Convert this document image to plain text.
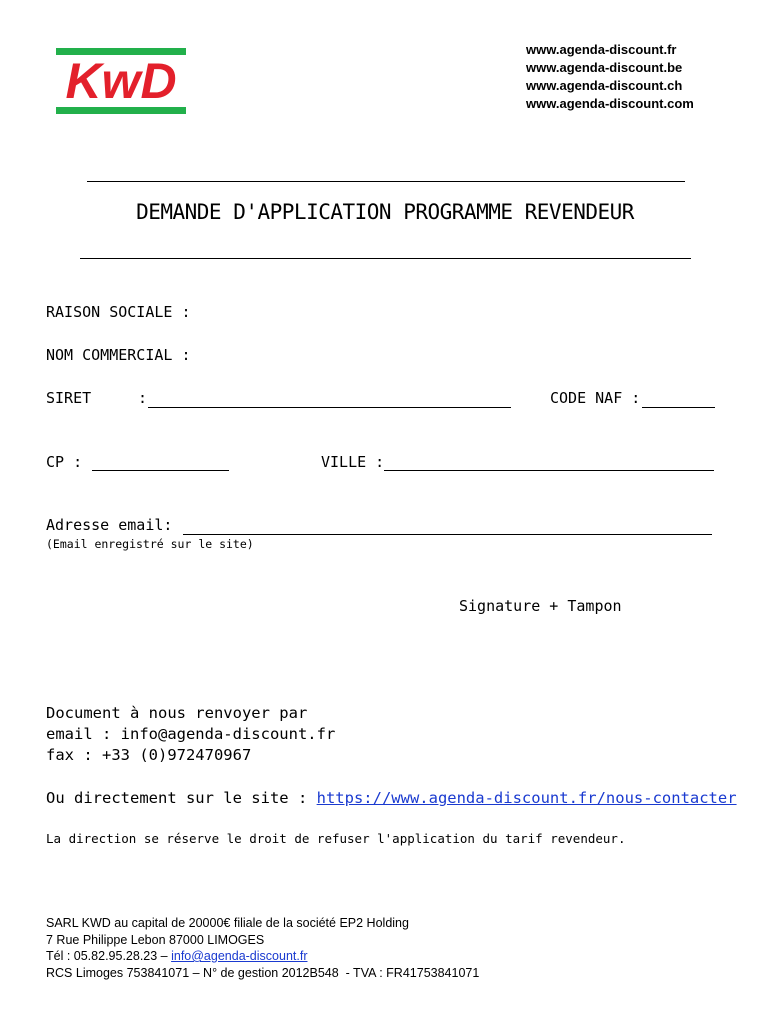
KwD
www.agenda-discount.fr
www.agenda-discount.be
www.agenda-discount.ch
www.agenda-discount.com
DEMANDE D'APPLICATION PROGRAMME REVENDEUR
RAISON SOCIALE :
NOM COMMERCIAL :
SIRET	:	CODE NAF :
CP :	VILLE :
Adresse email:
(Email enregistré sur le site)
Signature + Tampon
Document à nous renvoyer par
email : info@agenda-discount.fr
fax : +33 (0)972470967
Ou directement sur le site : https://www.agenda-discount.fr/nous-contacter
La direction se réserve le droit de refuser l'application du tarif revendeur.
SARL KWD au capital de 20000€ filiale de la société EP2 Holding
7 Rue Philippe Lebon 87000 LIMOGES
Tél : 05.82.95.28.23 – info@agenda-discount.fr
RCS Limoges 753841071 – N° de gestion 2012B548  - TVA : FR41753841071
